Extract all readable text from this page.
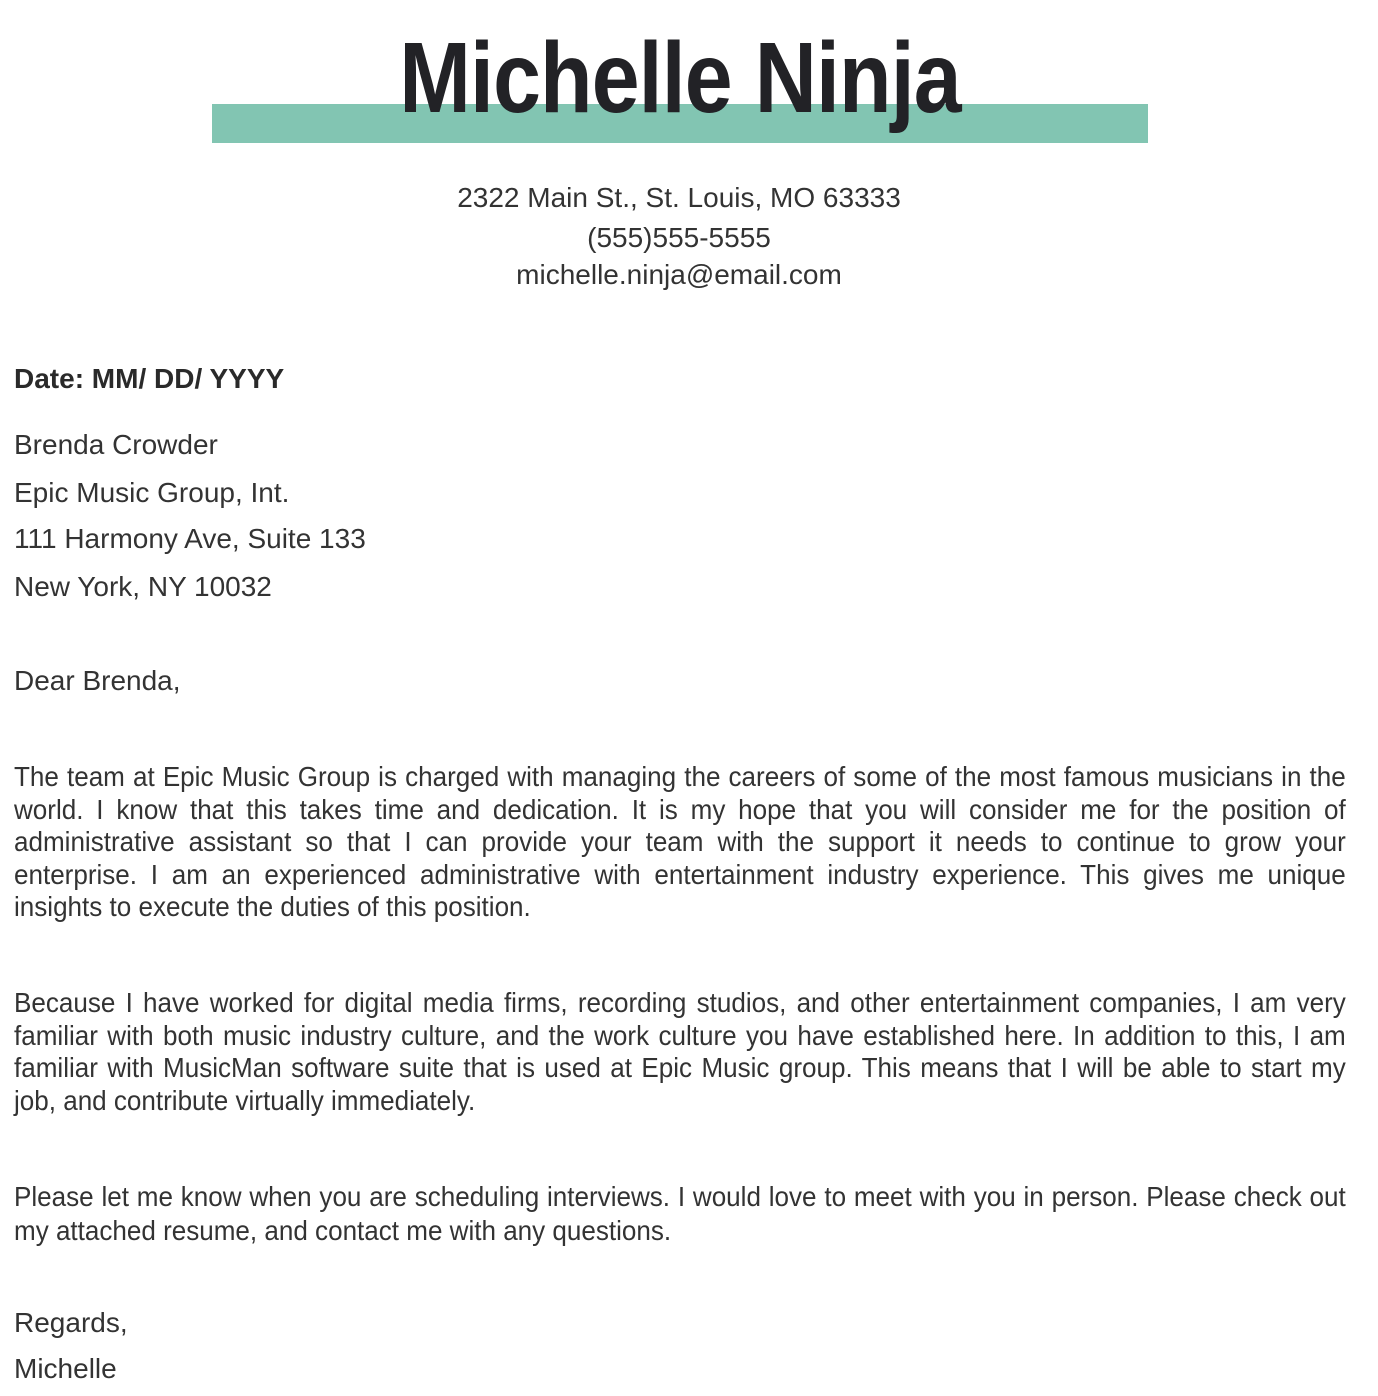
Michelle Ninja
2322 Main St., St. Louis, MO 63333
(555)555-5555
michelle.ninja@email.com
Date: MM/ DD/ YYYY
Brenda Crowder
Epic Music Group, Int.
111 Harmony Ave, Suite 133
New York, NY 10032
Dear Brenda,
The team at Epic Music Group is charged with managing the careers of some of the most famous musicians in the world. I know that this takes time and dedication. It is my hope that you will consider me for the position of administrative assistant so that I can provide your team with the support it needs to continue to grow your enterprise. I am an experienced administrative with entertainment industry experience. This gives me unique insights to execute the duties of this position.
Because I have worked for digital media firms, recording studios, and other entertainment companies, I am very familiar with both music industry culture, and the work culture you have established here. In addition to this, I am familiar with MusicMan software suite that is used at Epic Music group. This means that I will be able to start my job, and contribute virtually immediately.
Please let me know when you are scheduling interviews. I would love to meet with you in person. Please check out my attached resume, and contact me with any questions.
Regards,
Michelle
